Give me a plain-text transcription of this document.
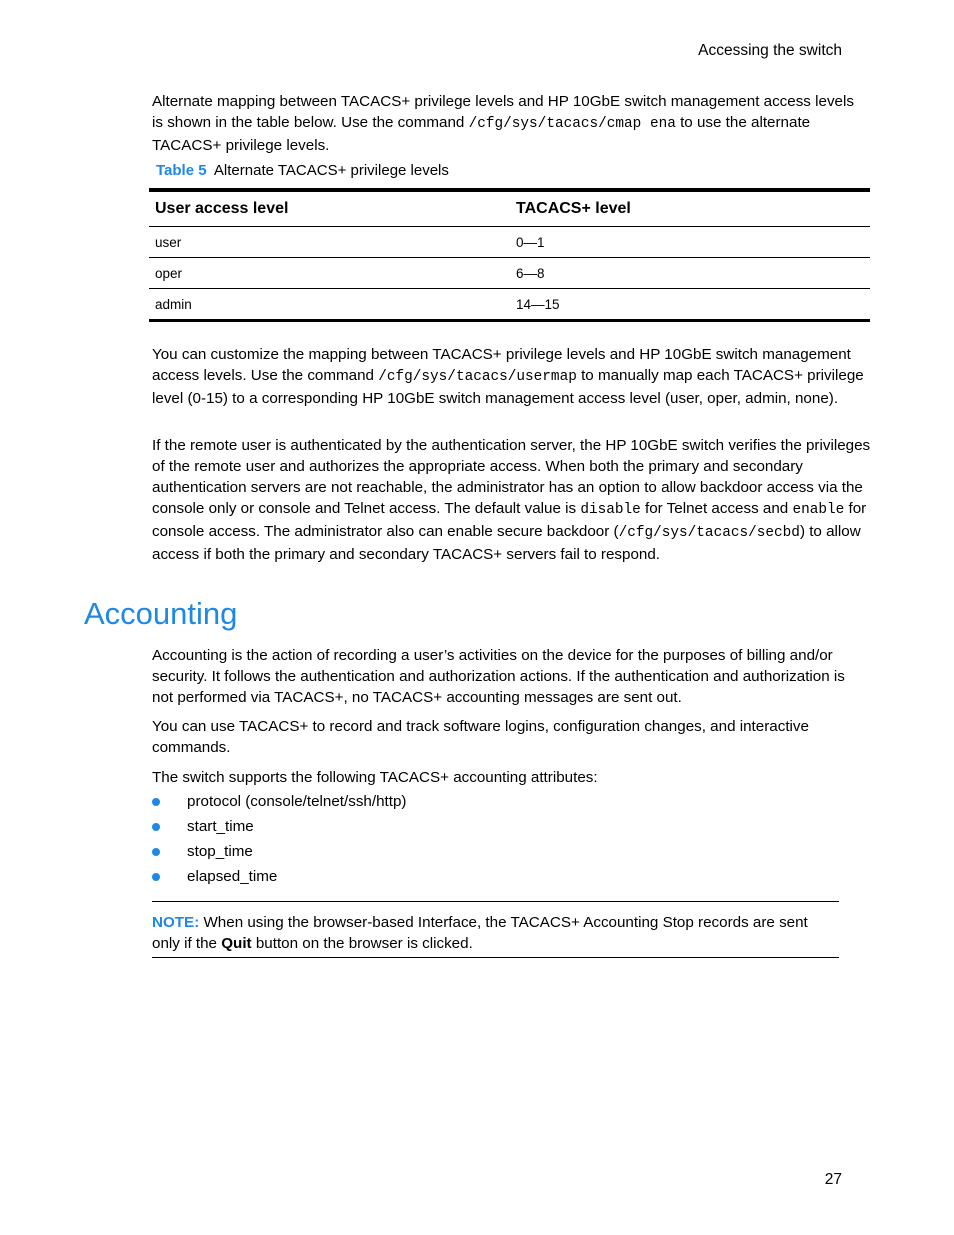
Accessing the switch

Alternate mapping between TACACS+ privilege levels and HP 10GbE switch management access levels is shown in the table below. Use the command /cfg/sys/tacacs/cmap ena to use the alternate TACACS+ privilege levels.

Table 5 Alternate TACACS+ privilege levels
User access level	TACACS+ level
user	0—1
oper	6—8
admin	14—15

You can customize the mapping between TACACS+ privilege levels and HP 10GbE switch management access levels. Use the command /cfg/sys/tacacs/usermap to manually map each TACACS+ privilege level (0-15) to a corresponding HP 10GbE switch management access level (user, oper, admin, none).

If the remote user is authenticated by the authentication server, the HP 10GbE switch verifies the privileges of the remote user and authorizes the appropriate access. When both the primary and secondary authentication servers are not reachable, the administrator has an option to allow backdoor access via the console only or console and Telnet access. The default value is disable for Telnet access and enable for console access. The administrator also can enable secure backdoor (/cfg/sys/tacacs/secbd) to allow access if both the primary and secondary TACACS+ servers fail to respond.

Accounting

Accounting is the action of recording a user’s activities on the device for the purposes of billing and/or security. It follows the authentication and authorization actions. If the authentication and authorization is not performed via TACACS+, no TACACS+ accounting messages are sent out.

You can use TACACS+ to record and track software logins, configuration changes, and interactive commands.

The switch supports the following TACACS+ accounting attributes:

protocol (console/telnet/ssh/http)
start_time
stop_time
elapsed_time

NOTE: When using the browser-based Interface, the TACACS+ Accounting Stop records are sent only if the Quit button on the browser is clicked.

27
